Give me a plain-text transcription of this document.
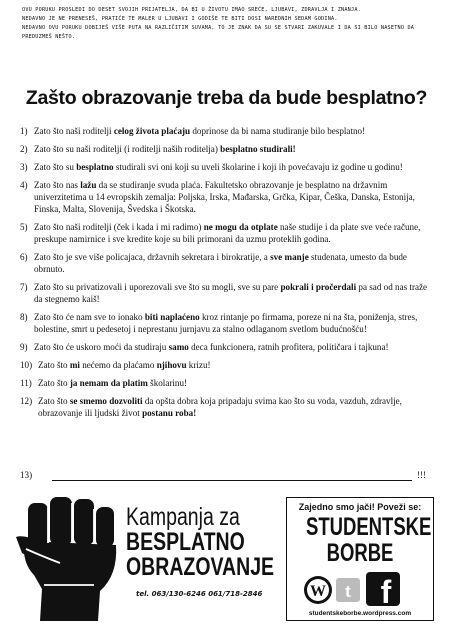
OVU PORUKU PROSLEDI DO DESET SVOJIH PRIJATELJA, DA BI U ŽIVOTU IMAO SREĆE, LJUBAVI, ZDRAVLJA I ZNANJA.

NEDAVNO JE NE PRENESEŠ, PRATIĆE TE MALER U LJUBAVI I GODIŠE TE BITI DOSI NAREDNIH SEDAM GODINA.

NEDAVNO OVU PORUKU DOBIJEŠ VIŠE PUTA NA RAZLIČITIM SUVAMA, TO JE ZNAK DA SU SE STVARI ZAKUVALE I DA SI BILO NASETNO DA PREDUZMEŠ NEŠTO.

Zašto obrazovanje treba da bude besplatno?
1) Zato što naši roditelji celog života plaćaju doprinose da bi nama studiranje bilo besplatno!
2) Zato što su naši roditelji (i roditelji naših roditelja) besplatno studirali!
3) Zato što su besplatno studirali svi oni koji su uveli školarine i koji ih povećavaju iz godine u godinu!
4) Zato što nas lažu da se studiranje svuda plaća. Fakultetsko obrazovanje je besplatno na državnim univerzitetima u 14 evropskih zemalja: Poljska, Irska, Mađarska, Grčka, Kipar, Češka, Danska, Estonija, Finska, Malta, Slovenija, Švedska i Škotska.
5) Zato što naši roditelji (ček i kada i mi radimo) ne mogu da otplate naše studije i da plate sve veće račune, preskupe namirnice i sve kredite koje su bili primorani da uzmu proteklih godina.
6) Zato što je sve više policajaca, državnih sekretara i birokratije, a sve manje studenata, umesto da bude obrnuto.
7) Zato što su privatizovali i uporezovali sve što su mogli, sve su pare pokrali i pročerdali pa sad od nas traže da stegnemo kaiš!
8) Zato što će nam sve to ionako biti naplaćeno kroz rintanje po firmama, poreze ni na šta, poniženja, stres, bolestine, smrt u pedesetoj i neprestanu jurnjavu za stalno odlaganom svetlom budućnošću!
9) Zato što će uskoro moći da studiraju samo deca funkcionera, ratnih profitera, političara i tajkuna!
10) Zato što mi nećemo da plaćamo njihovu krizu!
11) Zato što ja nemam da platim školarinu!
12) Zato što se smemo dozvoliti da opšta dobra koja pripadaju svima kao što su voda, vazduh, zdravlje, obrazovanje ili ljudski život postanu roba!
13)	!!!
Kampanja za
BESPLATNO
OBRAZOVANJE
tel. 063/130-6246 061/718-2846
Zajedno smo jači! Poveži se:
STUDENTSKE
BORBE
W t f
studentskeborbe.wordpress.com
